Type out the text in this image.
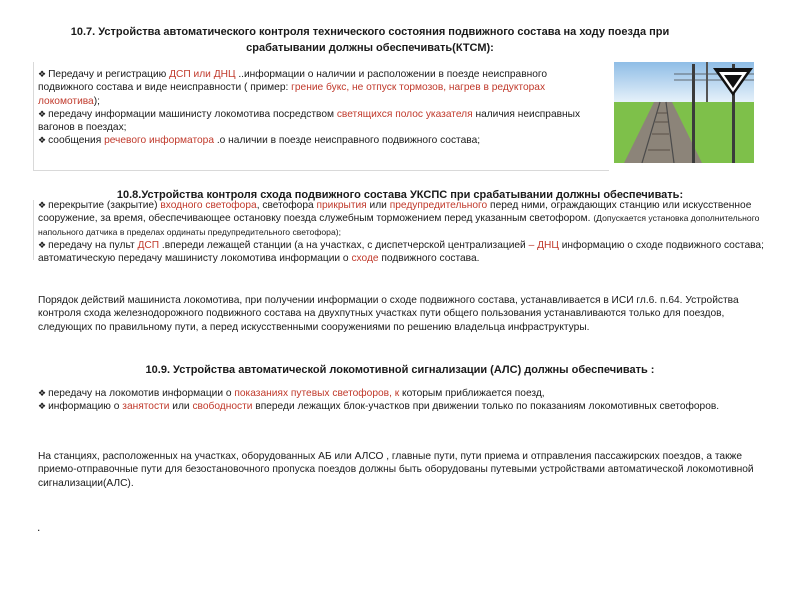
10.7. Устройства автоматического контроля технического состояния подвижного состава на ходу поезда при срабатывании должны обеспечивать(КТСМ):

❖ Передачу и регистрацию ДСП или ДНЦ ..информации о наличии и расположении в поезде неисправного подвижного состава и виде неисправности ( пример: грение букс, не отпуск тормозов, нагрев в редукторах локомотива);

❖ передачу информации машинисту локомотива посредством светящихся полос указателя наличия неисправных вагонов в поездах;

❖ сообщения речевого информатора .о наличии в поезде неисправного подвижного состава;

10.8.Устройства контроля схода подвижного состава УКСПС при срабатывании должны обеспечивать:

❖ перекрытие (закрытие) входного светофора, светофора прикрытия или предупредительного перед ними, ограждающих станцию или искусственное сооружение, за время, обеспечивающее остановку поезда служебным торможением перед указанным светофором. (Допускается установка дополнительного напольного датчика в пределах ординаты предупредительного светофора);

❖ передачу на пульт ДСП .впереди лежащей станции (а на участках, с диспетчерской централизацией – ДНЦ информацию о сходе подвижного состава; автоматическую передачу машинисту локомотива информации о сходе подвижного состава.

Порядок действий машиниста локомотива, при получении информации о сходе подвижного состава, устанавливается в ИСИ гл.6. п.64. Устройства контроля схода железнодорожного подвижного состава на двухпутных участках пути общего пользования устанавливаются только для поездов, следующих по правильному пути, а перед искусственными сооружениями по решению владельца инфраструктуры.

10.9. Устройства автоматической локомотивной сигнализации (АЛС) должны обеспечивать :

❖ передачу на локомотив информации о показаниях путевых светофоров, к которым приближается поезд,

❖ информацию о занятости или свободности впереди лежащих блок-участков при движении только по показаниям локомотивных светофоров.

На станциях, расположенных на участках, оборудованных АБ или АЛСО , главные пути, пути приема и отправления пассажирских поездов, а также приемо-отправочные пути для безостановочного пропуска поездов должны быть оборудованы путевыми устройствами автоматической локомотивной сигнализации(АЛС).

.
